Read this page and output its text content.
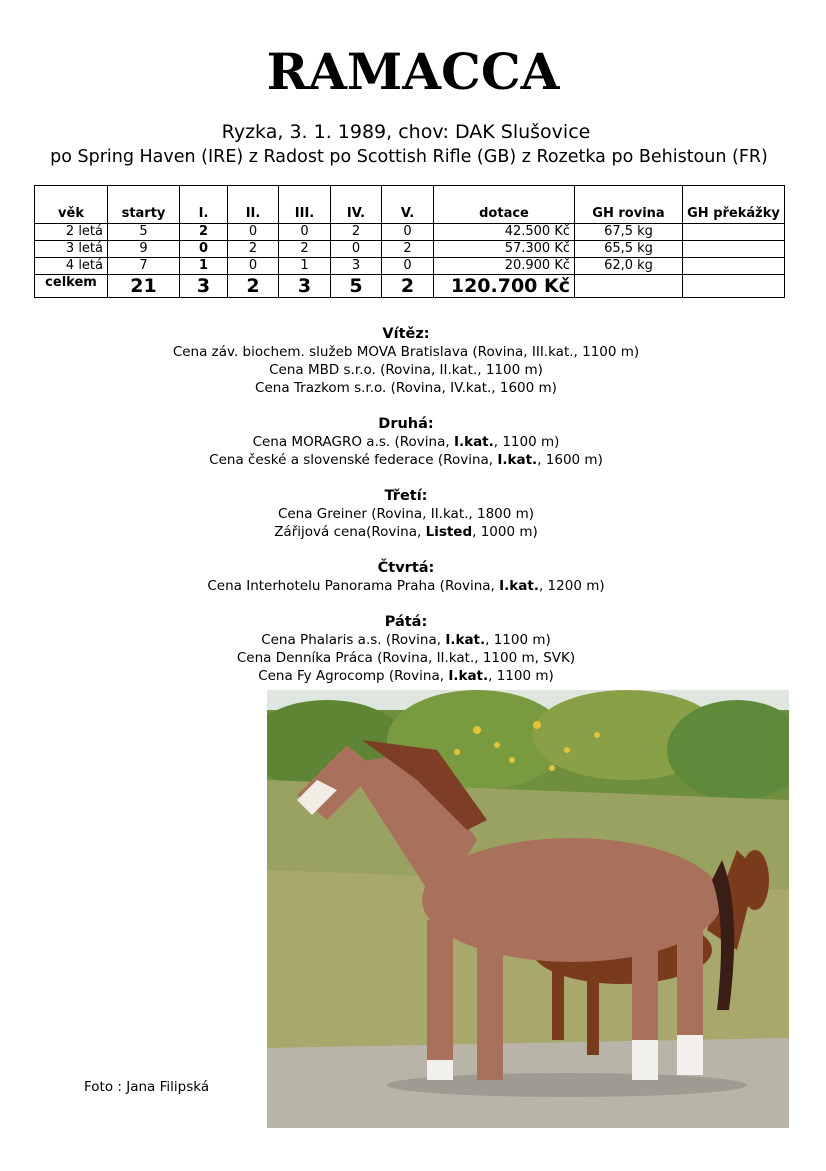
RAMACCA
Ryzka, 3. 1. 1989, chov: DAK Slušovice
po Spring Haven (IRE) z Radost po Scottish Rifle (GB) z Rozetka po Behistoun (FR)
věk	starty	I.	II.	III.	IV.	V.	dotace	GH rovina	GH překážky
2 letá	5	2	0	0	2	0	42.500 Kč	67,5 kg	
3 letá	9	0	2	2	0	2	57.300 Kč	65,5 kg	
4 letá	7	1	0	1	3	0	20.900 Kč	62,0 kg	
celkem	21	3	2	3	5	2	120.700 Kč		
Vítěz:
Cena záv. biochem. služeb MOVA Bratislava (Rovina, III.kat., 1100 m)
Cena MBD s.r.o. (Rovina, II.kat., 1100 m)
Cena Trazkom s.r.o. (Rovina, IV.kat., 1600 m)
Druhá:
Cena MORAGRO a.s. (Rovina, I.kat., 1100 m)
Cena české a slovenské federace (Rovina, I.kat., 1600 m)
Třetí:
Cena Greiner (Rovina, II.kat., 1800 m)
Zářijová cena(Rovina, Listed, 1000 m)
Čtvrtá:
Cena Interhotelu Panorama Praha (Rovina, I.kat., 1200 m)
Pátá:
Cena Phalaris a.s. (Rovina, I.kat., 1100 m)
Cena Denníka Práca (Rovina, II.kat., 1100 m, SVK)
Cena Fy Agrocomp (Rovina, I.kat., 1100 m)
Foto : Jana Filipská
